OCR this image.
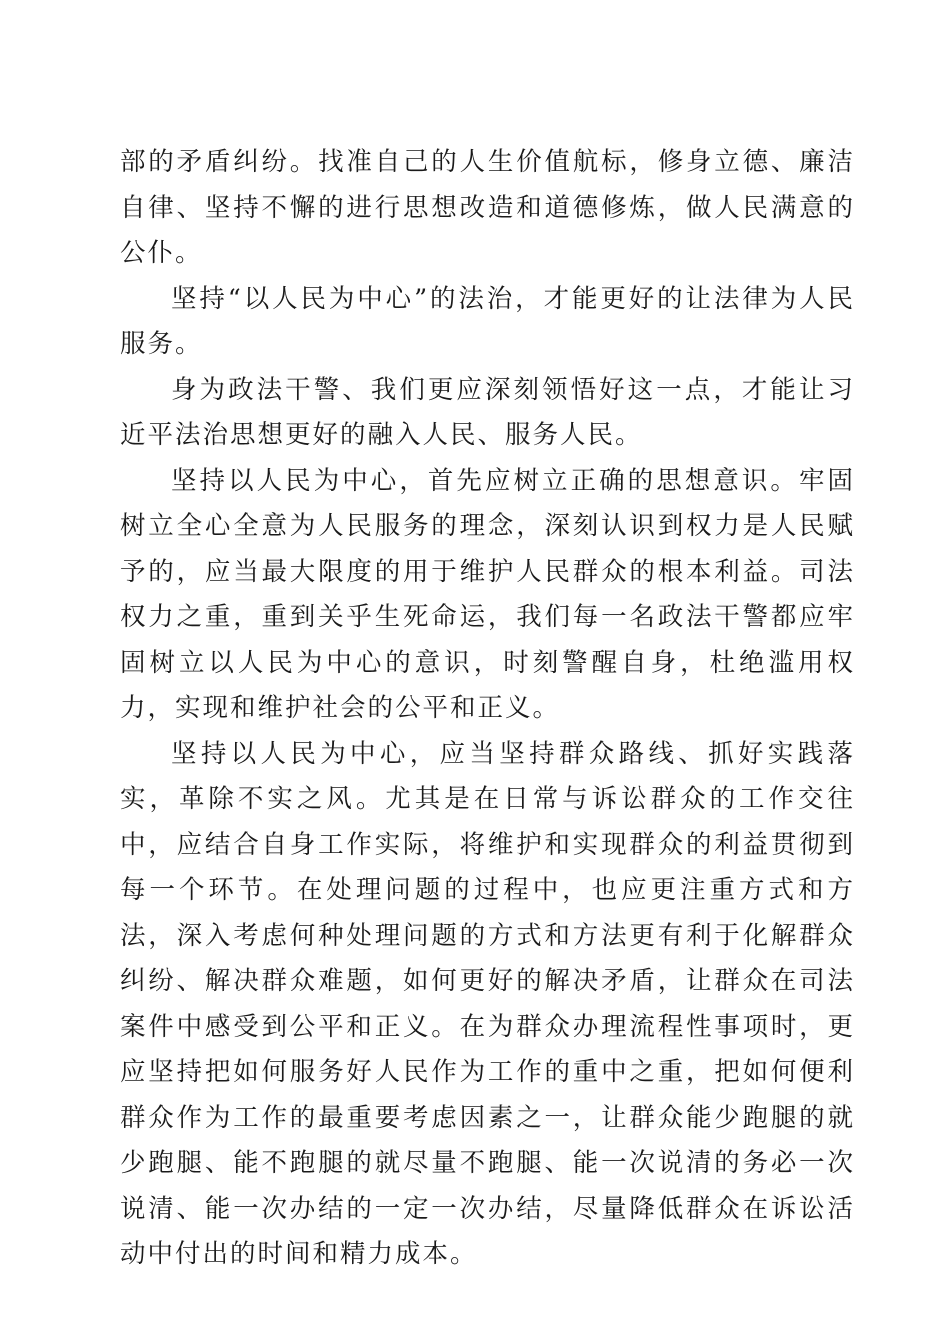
部的矛盾纠纷。找准自己的人生价值航标，修身立德、廉洁自律、坚持不懈的进行思想改造和道德修炼，做人民满意的公仆。

坚持“以人民为中心”的法治，才能更好的让法律为人民服务。

身为政法干警、我们更应深刻领悟好这一点，才能让习近平法治思想更好的融入人民、服务人民。

坚持以人民为中心，首先应树立正确的思想意识。牢固树立全心全意为人民服务的理念，深刻认识到权力是人民赋予的，应当最大限度的用于维护人民群众的根本利益。司法权力之重，重到关乎生死命运，我们每一名政法干警都应牢固树立以人民为中心的意识，时刻警醒自身，杜绝滥用权力，实现和维护社会的公平和正义。

坚持以人民为中心，应当坚持群众路线、抓好实践落实，革除不实之风。尤其是在日常与诉讼群众的工作交往中，应结合自身工作实际，将维护和实现群众的利益贯彻到每一个环节。在处理问题的过程中，也应更注重方式和方法，深入考虑何种处理问题的方式和方法更有利于化解群众纠纷、解决群众难题，如何更好的解决矛盾，让群众在司法案件中感受到公平和正义。在为群众办理流程性事项时，更应坚持把如何服务好人民作为工作的重中之重，把如何便利群众作为工作的最重要考虑因素之一，让群众能少跑腿的就少跑腿、能不跑腿的就尽量不跑腿、能一次说清的务必一次说清、能一次办结的一定一次办结，尽量降低群众在诉讼活动中付出的时间和精力成本。
